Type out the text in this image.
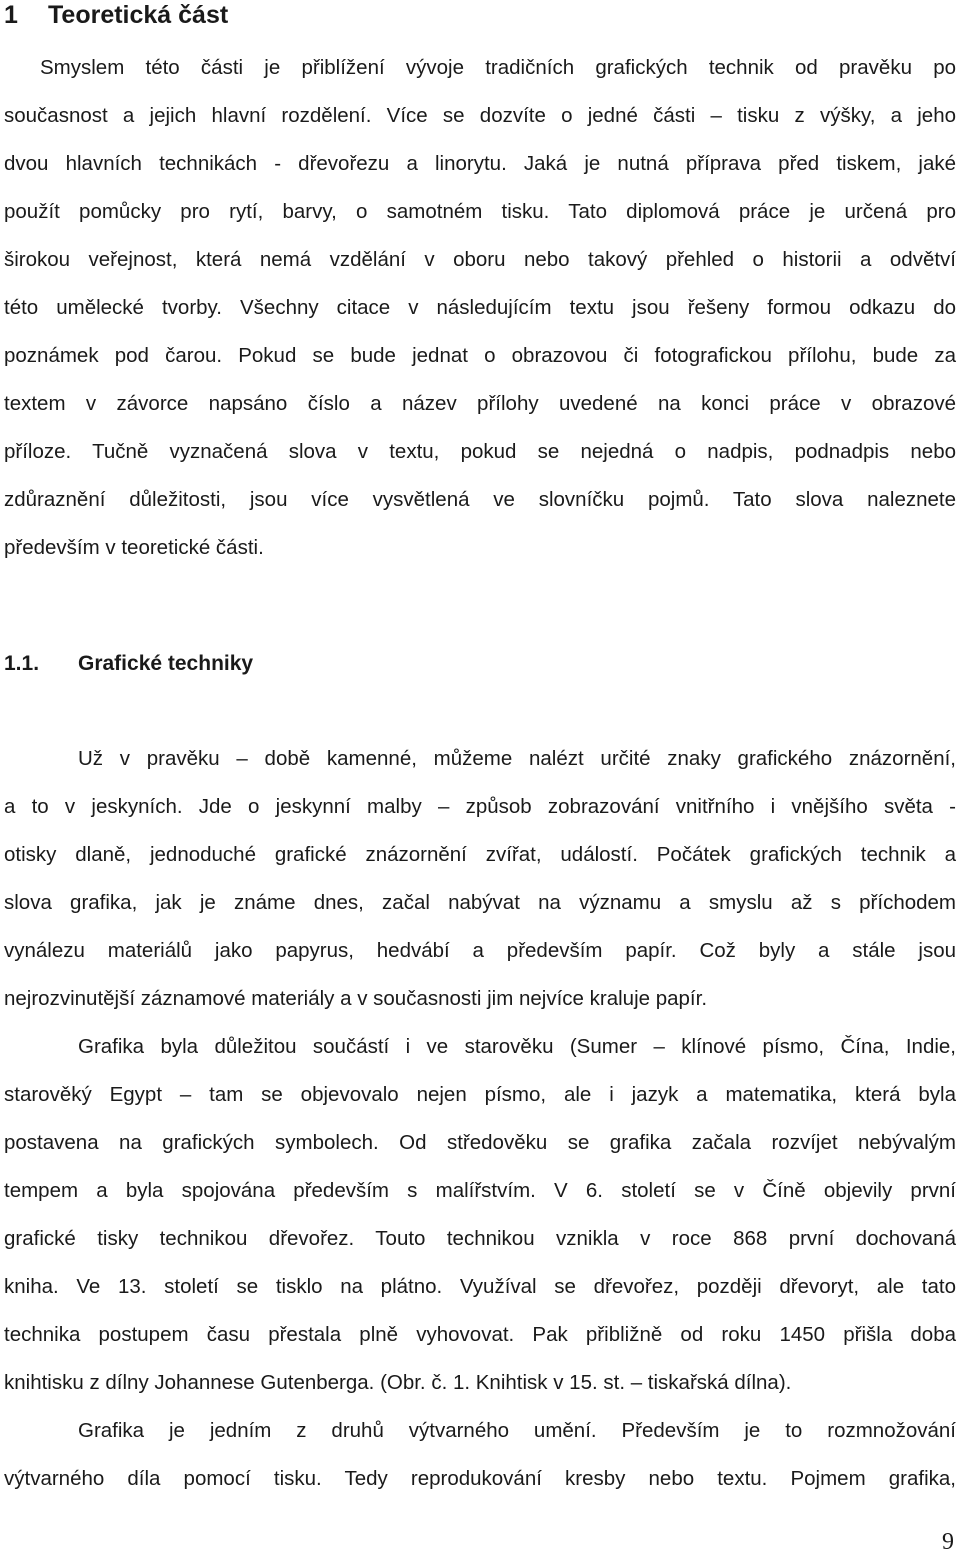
1 Teoretická část
Smyslem této části je přiblížení vývoje tradičních grafických technik od pravěku po
současnost a jejich hlavní rozdělení. Více se dozvíte o jedné části – tisku z výšky, a jeho
dvou hlavních technikách - dřevořezu a linorytu. Jaká je nutná příprava před tiskem, jaké
použít pomůcky pro rytí, barvy, o samotném tisku. Tato diplomová práce je určená pro
širokou veřejnost, která nemá vzdělání v oboru nebo takový přehled o historii a odvětví
této umělecké tvorby. Všechny citace v následujícím textu jsou řešeny formou odkazu do
poznámek pod čarou. Pokud se bude jednat o obrazovou či fotografickou přílohu, bude za
textem v závorce napsáno číslo a název přílohy uvedené na konci práce v obrazové
příloze. Tučně vyznačená slova v textu, pokud se nejedná o nadpis, podnadpis nebo
zdůraznění důležitosti, jsou více vysvětlená ve slovníčku pojmů. Tato slova naleznete
především v teoretické části.
1.1. Grafické techniky
Už v pravěku – době kamenné, můžeme nalézt určité znaky grafického znázornění,
a to v jeskyních. Jde o jeskynní malby – způsob zobrazování vnitřního i vnějšího světa -
otisky dlaně, jednoduché grafické znázornění zvířat, událostí. Počátek grafických technik a
slova grafika, jak je známe dnes, začal nabývat na významu a smyslu až s příchodem
vynálezu materiálů jako papyrus, hedvábí a především papír. Což byly a stále jsou
nejrozvinutější záznamové materiály a v současnosti jim nejvíce kraluje papír.
Grafika byla důležitou součástí i ve starověku (Sumer – klínové písmo, Čína, Indie,
starověký Egypt – tam se objevovalo nejen písmo, ale i jazyk a matematika, která byla
postavena na grafických symbolech. Od středověku se grafika začala rozvíjet nebývalým
tempem a byla spojována především s malířstvím. V 6. století se v Číně objevily první
grafické tisky technikou dřevořez. Touto technikou vznikla v roce 868 první dochovaná
kniha. Ve 13. století se tisklo na plátno. Využíval se dřevořez, později dřevoryt, ale tato
technika postupem času přestala plně vyhovovat. Pak přibližně od roku 1450 přišla doba
knihtisku z dílny Johannese Gutenberga. (Obr. č. 1. Knihtisk v 15. st. – tiskařská dílna).
Grafika je jedním z druhů výtvarného umění. Především je to rozmnožování
výtvarného díla pomocí tisku. Tedy reprodukování kresby nebo textu. Pojmem grafika,
9
